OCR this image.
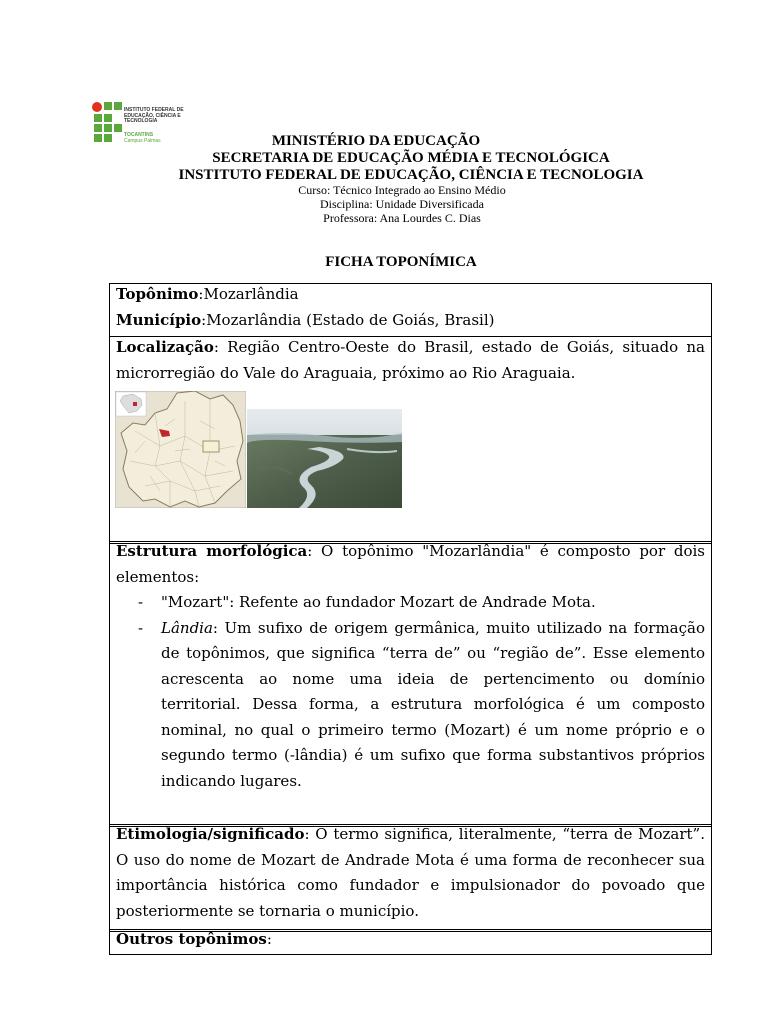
INSTITUTO FEDERAL DE EDUCAÇÃO, CIÊNCIA E TECNOLOGIA
TOCANTINS
Campus Palmas	MINISTÉRIO DA EDUCAÇÃO
SECRETARIA DE EDUCAÇÃO MÉDIA E TECNOLÓGICA
INSTITUTO FEDERAL DE EDUCAÇÃO, CIÊNCIA E TECNOLOGIA
Curso: Técnico Integrado ao Ensino Médio
Disciplina: Unidade Diversificada
Professora: Ana Lourdes C. Dias
FICHA TOPONÍMICA
Topônimo:Mozarlândia
Município:Mozarlândia (Estado de Goiás, Brasil)
Localização: Região Centro-Oeste do Brasil, estado de Goiás, situado na
microrregião do Vale do Araguaia, próximo ao Rio Araguaia.
Estrutura morfológica: O topônimo "Mozarlândia" é composto por dois
elementos:
- "Mozart": Refente ao fundador Mozart de Andrade Mota.
- Lândia: Um sufixo de origem germânica, muito utilizado na formação de topônimos, que significa “terra de” ou “região de”. Esse elemento acrescenta ao nome uma ideia de pertencimento ou domínio territorial. Dessa forma, a estrutura morfológica é um composto nominal, no qual o primeiro termo (Mozart) é um nome próprio e o segundo termo (-lândia) é um sufixo que forma substantivos próprios indicando lugares.
Etimologia/significado: O termo significa, literalmente, “terra de Mozart”. O uso do nome de Mozart de Andrade Mota é uma forma de reconhecer sua importância histórica como fundador e impulsionador do povoado que posteriormente se tornaria o município.
Outros topônimos:
